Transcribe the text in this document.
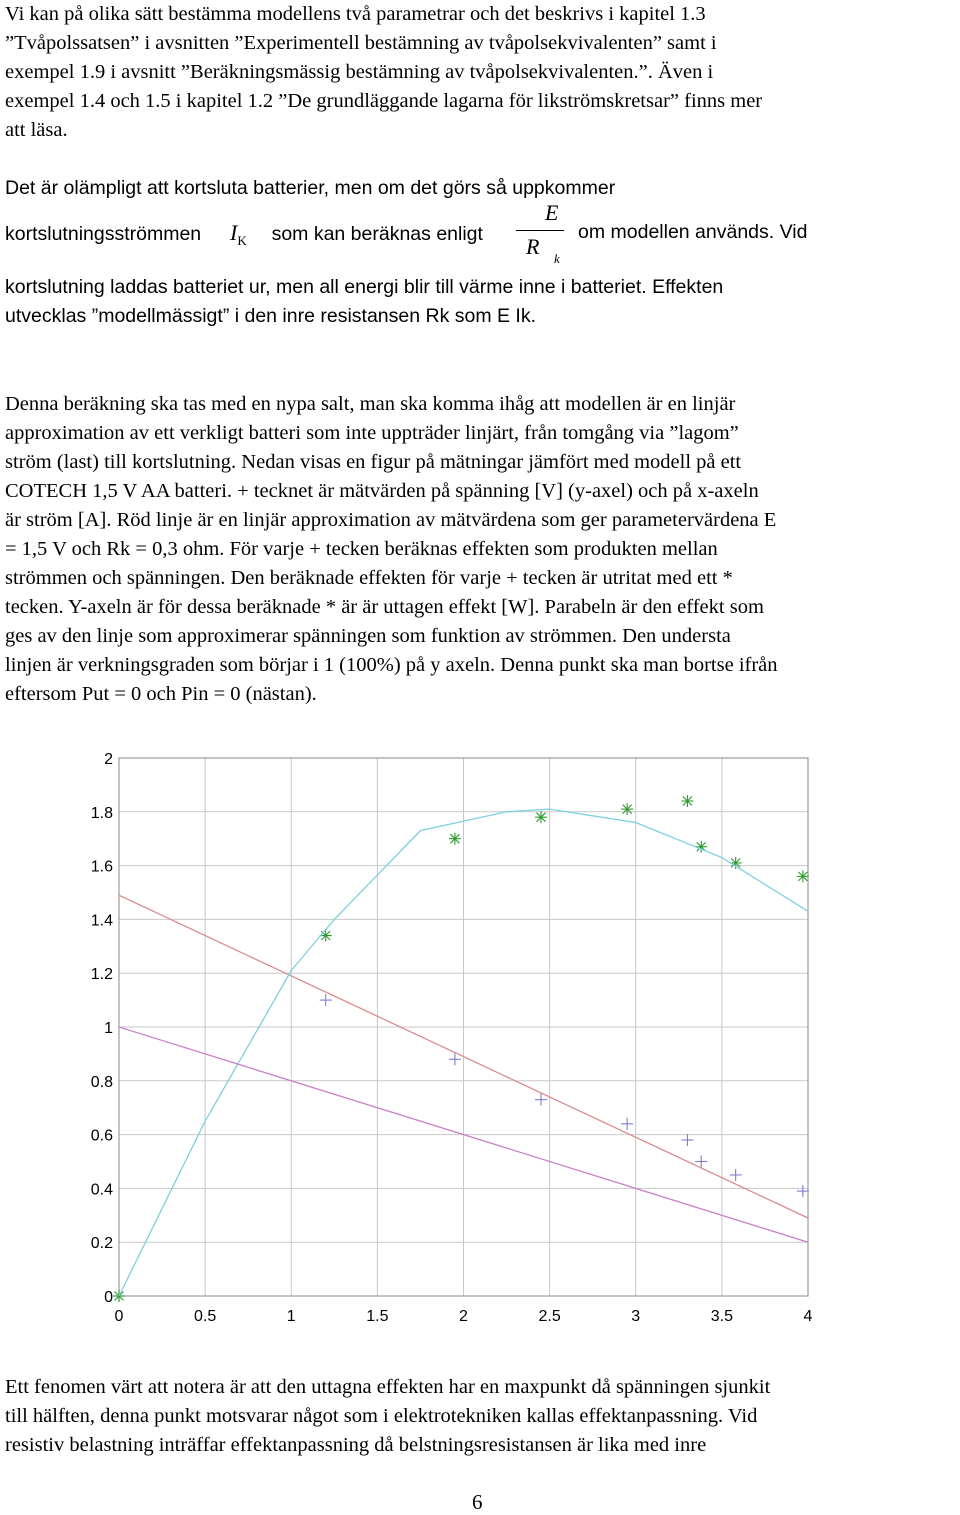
Vi kan på olika sätt bestämma modellens två parametrar och det beskrivs i kapitel 1.3
”Tvåpolssatsen” i avsnitten ”Experimentell bestämning av tvåpolsekvivalenten” samt i
exempel 1.9 i avsnitt ”Beräkningsmässig bestämning av tvåpolsekvivalenten.”. Även i
exempel 1.4 och 1.5 i kapitel 1.2 ”De grundläggande lagarna för likströmskretsar” finns mer
att läsa.
Det är olämpligt att kortsluta batterier, men om det görs så uppkommer
kortslutningsströmmen $I_K$ som kan beräknas enligt
E
R k
om modellen används. Vid
kortslutning laddas batteriet ur, men all energi blir till värme inne i batteriet. Effekten
utvecklas ”modellmässigt” i den inre resistansen Rk som E Ik.
Denna beräkning ska tas med en nypa salt, man ska komma ihåg att modellen är en linjär
approximation av ett verkligt batteri som inte uppträder linjärt, från tomgång via ”lagom”
ström (last) till kortslutning. Nedan visas en figur på mätningar jämfört med modell på ett
COTECH 1,5 V AA batteri. + tecknet är mätvärden på spänning [V] (y-axel) och på x-axeln
är ström [A]. Röd linje är en linjär approximation av mätvärdena som ger parametervärdena E
= 1,5 V och Rk = 0,3 ohm. För varje + tecken beräknas effekten som produkten mellan
strömmen och spänningen. Den beräknade effekten för varje + tecken är utritat med ett *
tecken. Y-axeln är för dessa beräknade * är är uttagen effekt [W]. Parabeln är den effekt som
ges av den linje som approximerar spänningen som funktion av strömmen. Den understa
linjen är verkningsgraden som börjar i 1 (100%) på y axeln. Denna punkt ska man bortse ifrån
eftersom Put = 0 och Pin = 0 (nästan).
0	0.5	1	1.5	2	2.5	3	3.5	4
0
0.2
0.4
0.6
0.8
1
1.2
1.4
1.6
1.8
2
Ett fenomen värt att notera är att den uttagna effekten har en maxpunkt då spänningen sjunkit
till hälften, denna punkt motsvarar något som i elektrotekniken kallas effektanpassning. Vid
resistiv belastning inträffar effektanpassning då belstningsresistansen är lika med inre
6
